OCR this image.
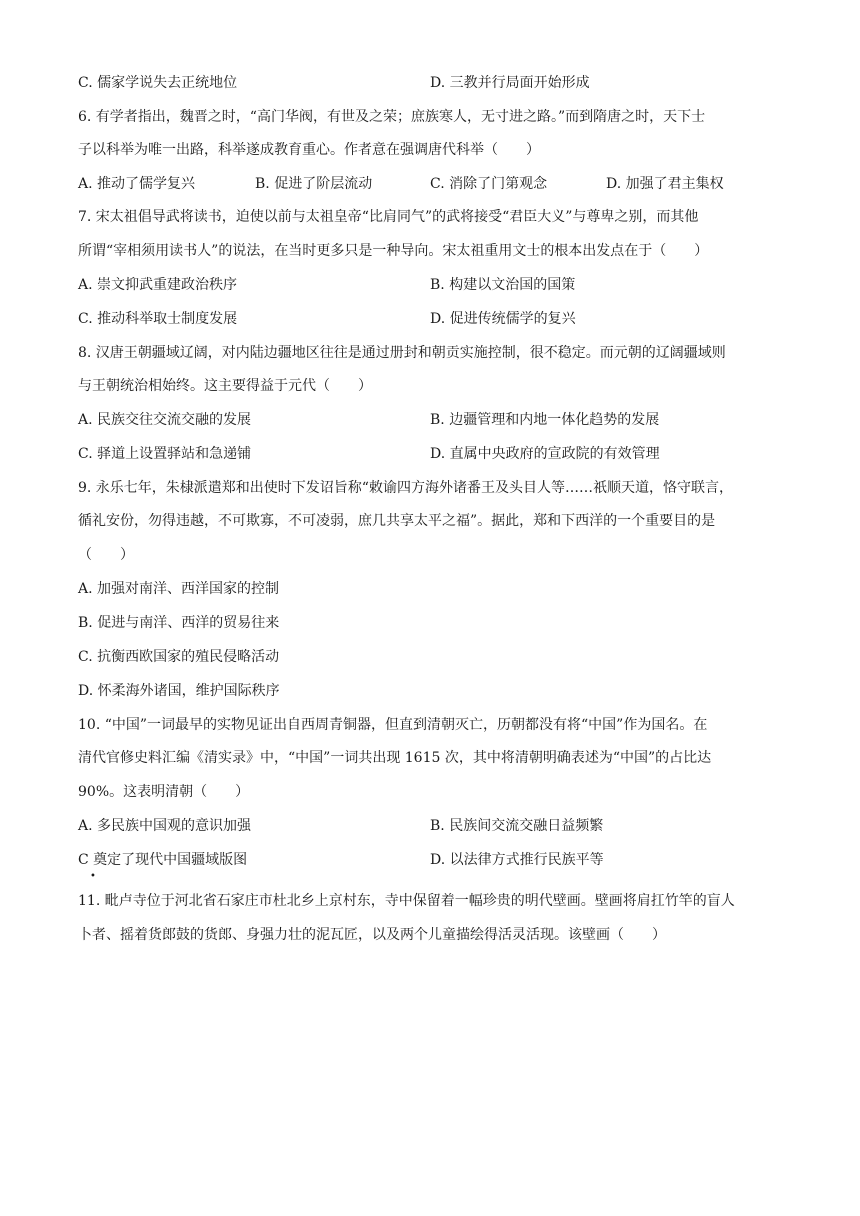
C. 儒家学说失去正统地位	D. 三教并行局面开始形成
6. 有学者指出，魏晋之时，“高门华阀，有世及之荣；庶族寒人，无寸进之路。”而到隋唐之时，天下士
子以科举为唯一出路，科举遂成教育重心。作者意在强调唐代科举（　　）
A. 推动了儒学复兴	B. 促进了阶层流动	C. 消除了门第观念	D. 加强了君主集权
7. 宋太祖倡导武将读书，迫使以前与太祖皇帝“比肩同气”的武将接受“君臣大义”与尊卑之别，而其他
所谓“宰相须用读书人”的说法，在当时更多只是一种导向。宋太祖重用文士的根本出发点在于（　　）
A. 崇文抑武重建政治秩序	B. 构建以文治国的国策
C. 推动科举取士制度发展	D. 促进传统儒学的复兴
8. 汉唐王朝疆域辽阔，对内陆边疆地区往往是通过册封和朝贡实施控制，很不稳定。而元朝的辽阔疆域则
与王朝统治相始终。这主要得益于元代（　　）
A. 民族交往交流交融的发展	B. 边疆管理和内地一体化趋势的发展
C. 驿道上设置驿站和急递铺	D. 直属中央政府的宣政院的有效管理
9. 永乐七年，朱棣派遣郑和出使时下发诏旨称“敕谕四方海外诸番王及头目人等……祇顺天道，恪守联言，
循礼安份，勿得违越，不可欺寡，不可凌弱，庶几共享太平之福”。据此，郑和下西洋的一个重要目的是
（　　）
A. 加强对南洋、西洋国家的控制
B. 促进与南洋、西洋的贸易往来
C. 抗衡西欧国家的殖民侵略活动
D. 怀柔海外诸国，维护国际秩序
10. “中国”一词最早的实物见证出自西周青铜器，但直到清朝灭亡，历朝都没有将“中国”作为国名。在
清代官修史料汇编《清实录》中，“中国”一词共出现 1615 次，其中将清朝明确表述为“中国”的占比达
90%。这表明清朝（　　）
A. 多民族中国观的意识加强	B. 民族间交流交融日益频繁
C 奠定了现代中国疆域版图	D. 以法律方式推行民族平等
•
11. 毗卢寺位于河北省石家庄市杜北乡上京村东，寺中保留着一幅珍贵的明代壁画。壁画将肩扛竹竿的盲人
卜者、摇着货郎鼓的货郎、身强力壮的泥瓦匠，以及两个儿童描绘得活灵活现。该壁画（　　）
